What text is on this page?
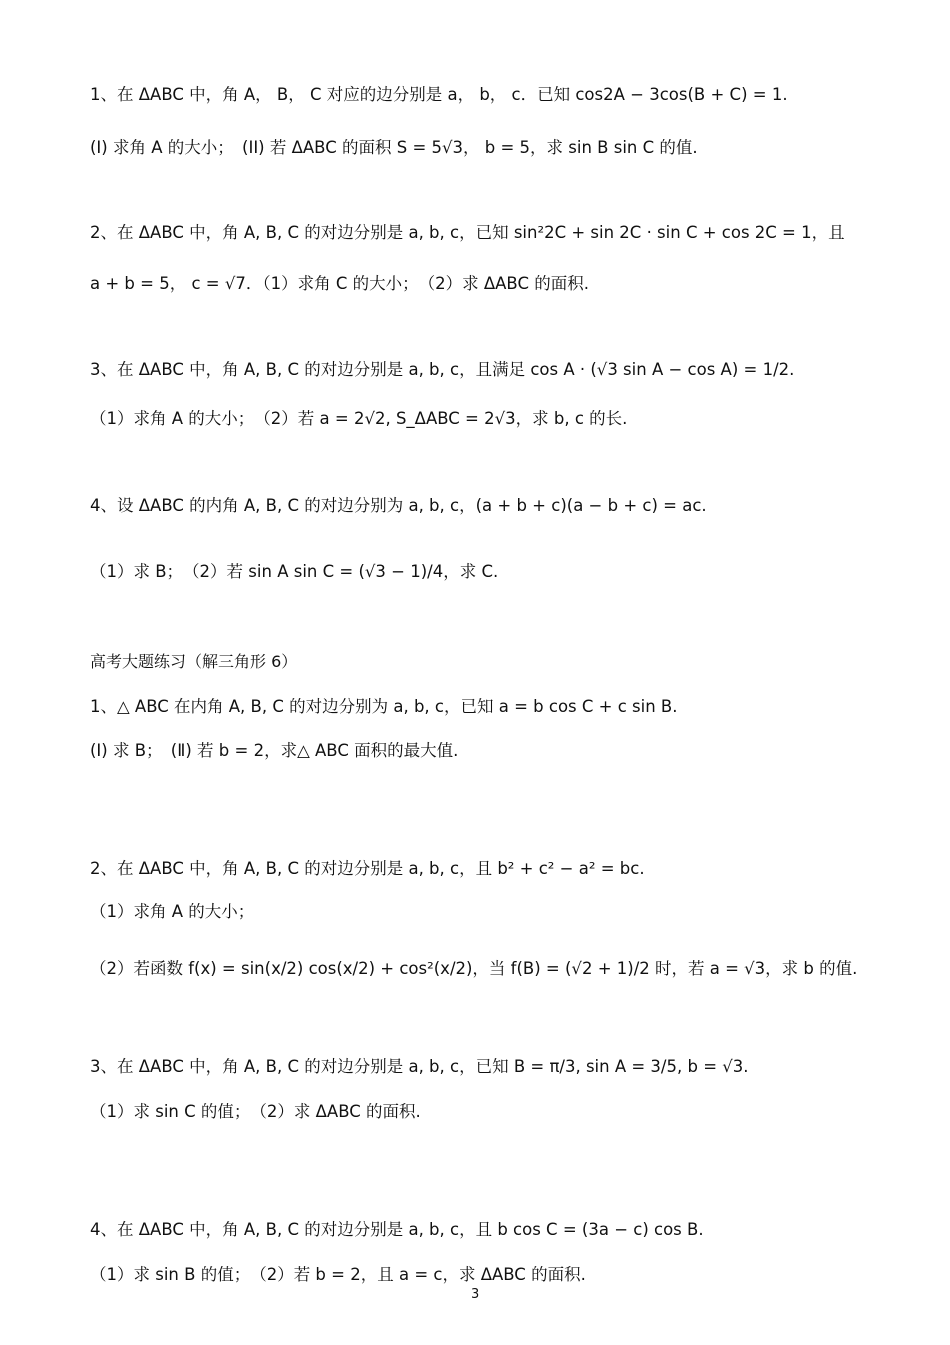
1、在 ΔABC 中，角 A， B， C 对应的边分别是 a， b， c．已知 cos2A − 3cos(B + C) = 1.
(I) 求角 A 的大小；　(II) 若 ΔABC 的面积 S = 5√3， b = 5，求 sin B sin C 的值.
2、在 ΔABC 中，角 A, B, C 的对边分别是 a, b, c，已知 sin²2C + sin 2C · sin C + cos 2C = 1，且
a + b = 5， c = √7．（1）求角 C 的大小；　（2）求 ΔABC 的面积.
3、在 ΔABC 中，角 A, B, C 的对边分别是 a, b, c，且满足 cos A · (√3 sin A − cos A) = 1/2.
（1）求角 A 的大小；　（2）若 a = 2√2, S_ΔABC = 2√3，求 b, c 的长.
4、设 ΔABC 的内角 A, B, C 的对边分别为 a, b, c，(a + b + c)(a − b + c) = ac.
（1）求 B；　（2）若 sin A sin C = (√3 − 1)/4，求 C.
高考大题练习（解三角形 6）
1、△ ABC 在内角 A, B, C 的对边分别为 a, b, c，已知 a = b cos C + c sin B.
(Ⅰ) 求 B；　(Ⅱ) 若 b = 2，求△ ABC 面积的最大值.
2、在 ΔABC 中，角 A, B, C 的对边分别是 a, b, c，且 b² + c² − a² = bc.
（1）求角 A 的大小；
（2）若函数 f(x) = sin(x/2) cos(x/2) + cos²(x/2)，当 f(B) = (√2 + 1)/2 时，若 a = √3，求 b 的值.
3、在 ΔABC 中，角 A, B, C 的对边分别是 a, b, c，已知 B = π/3, sin A = 3/5, b = √3.
（1）求 sin C 的值；　（2）求 ΔABC 的面积.
4、在 ΔABC 中，角 A, B, C 的对边分别是 a, b, c，且 b cos C = (3a − c) cos B.
（1）求 sin B 的值；　（2）若 b = 2，且 a = c，求 ΔABC 的面积.
3
